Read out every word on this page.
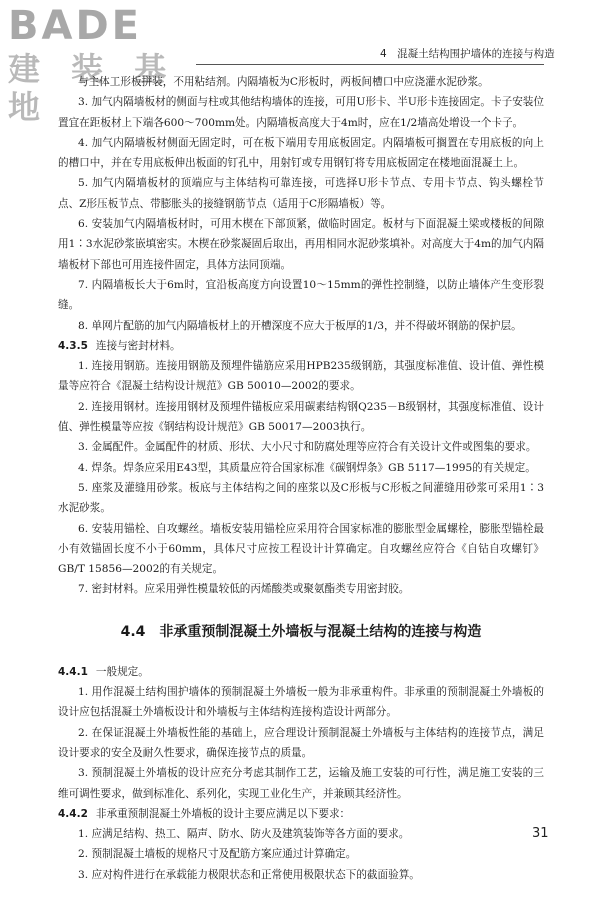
BADE
建 装 基 地
4　混凝土结构围护墙体的连接与构造

与主体工形板拼装，不用粘结剂。内隔墙板为C形板时，两板间槽口中应浇灌水泥砂浆。

3. 加气内隔墙板材的侧面与柱或其他结构墙体的连接，可用U形卡、半U形卡连接固定。卡子安装位置宜在距板材上下端各600～700mm处。内隔墙板高度大于4m时，应在1/2墙高处增设一个卡子。

4. 加气内隔墙板材侧面无固定时，可在板下端用专用底板固定。内隔墙板可搁置在专用底板的向上的槽口中，并在专用底板伸出板面的钉孔中，用射钉或专用钢钉将专用底板固定在楼地面混凝土上。

5. 加气内隔墙板材的顶端应与主体结构可靠连接，可选择U形卡节点、专用卡节点、钩头螺栓节点、Z形压板节点、带膨胀头的接缝钢筋节点（适用于C形隔墙板）等。

6. 安装加气内隔墙板材时，可用木楔在下部顶紧，做临时固定。板材与下面混凝土梁或楼板的间隙用1∶3水泥砂浆嵌填密实。木楔在砂浆凝固后取出，再用相同水泥砂浆填补。对高度大于4m的加气内隔墙板材下部也可用连接件固定，具体方法同顶端。

7. 内隔墙板长大于6m时，宜沿板高度方向设置10～15mm的弹性控制缝，以防止墙体产生变形裂缝。

8. 单网片配筋的加气内隔墙板材上的开槽深度不应大于板厚的1/3，并不得破坏钢筋的保护层。

4.3.5 连接与密封材料。

1. 连接用钢筋。连接用钢筋及预埋件锚筋应采用HPB235级钢筋，其强度标准值、设计值、弹性模量等应符合《混凝土结构设计规范》GB 50010—2002的要求。

2. 连接用钢材。连接用钢材及预埋件锚板应采用碳素结构钢Q235－B级钢材，其强度标准值、设计值、弹性模量等应按《钢结构设计规范》GB 50017—2003执行。

3. 金属配件。金属配件的材质、形状、大小尺寸和防腐处理等应符合有关设计文件或图集的要求。

4. 焊条。焊条应采用E43型，其质量应符合国家标准《碳钢焊条》GB 5117—1995的有关规定。

5. 座浆及灌缝用砂浆。板底与主体结构之间的座浆以及C形板与C形板之间灌缝用砂浆可采用1∶3水泥砂浆。

6. 安装用锚栓、自攻螺丝。墙板安装用锚栓应采用符合国家标准的膨胀型金属螺栓，膨胀型锚栓最小有效锚固长度不小于60mm，具体尺寸应按工程设计计算确定。自攻螺丝应符合《自钻自攻螺钉》GB/T 15856—2002的有关规定。

7. 密封材料。应采用弹性模量较低的丙烯酸类或聚氨酯类专用密封胶。

4.4 非承重预制混凝土外墙板与混凝土结构的连接与构造

4.4.1 一般规定。

1. 用作混凝土结构围护墙体的预制混凝土外墙板一般为非承重构件。非承重的预制混凝土外墙板的设计应包括混凝土外墙板设计和外墙板与主体结构连接构造设计两部分。

2. 在保证混凝土外墙板性能的基础上，应合理设计预制混凝土外墙板与主体结构的连接节点，满足设计要求的安全及耐久性要求，确保连接节点的质量。

3. 预制混凝土外墙板的设计应充分考虑其制作工艺，运输及施工安装的可行性，满足施工安装的三维可调性要求，做到标准化、系列化，实现工业化生产，并兼顾其经济性。

4.4.2 非承重预制混凝土外墙板的设计主要应满足以下要求：

1. 应满足结构、热工、隔声、防水、防火及建筑装饰等各方面的要求。

2. 预制混凝土墙板的规格尺寸及配筋方案应通过计算确定。

3. 应对构件进行在承载能力极限状态和正常使用极限状态下的截面验算。

31
